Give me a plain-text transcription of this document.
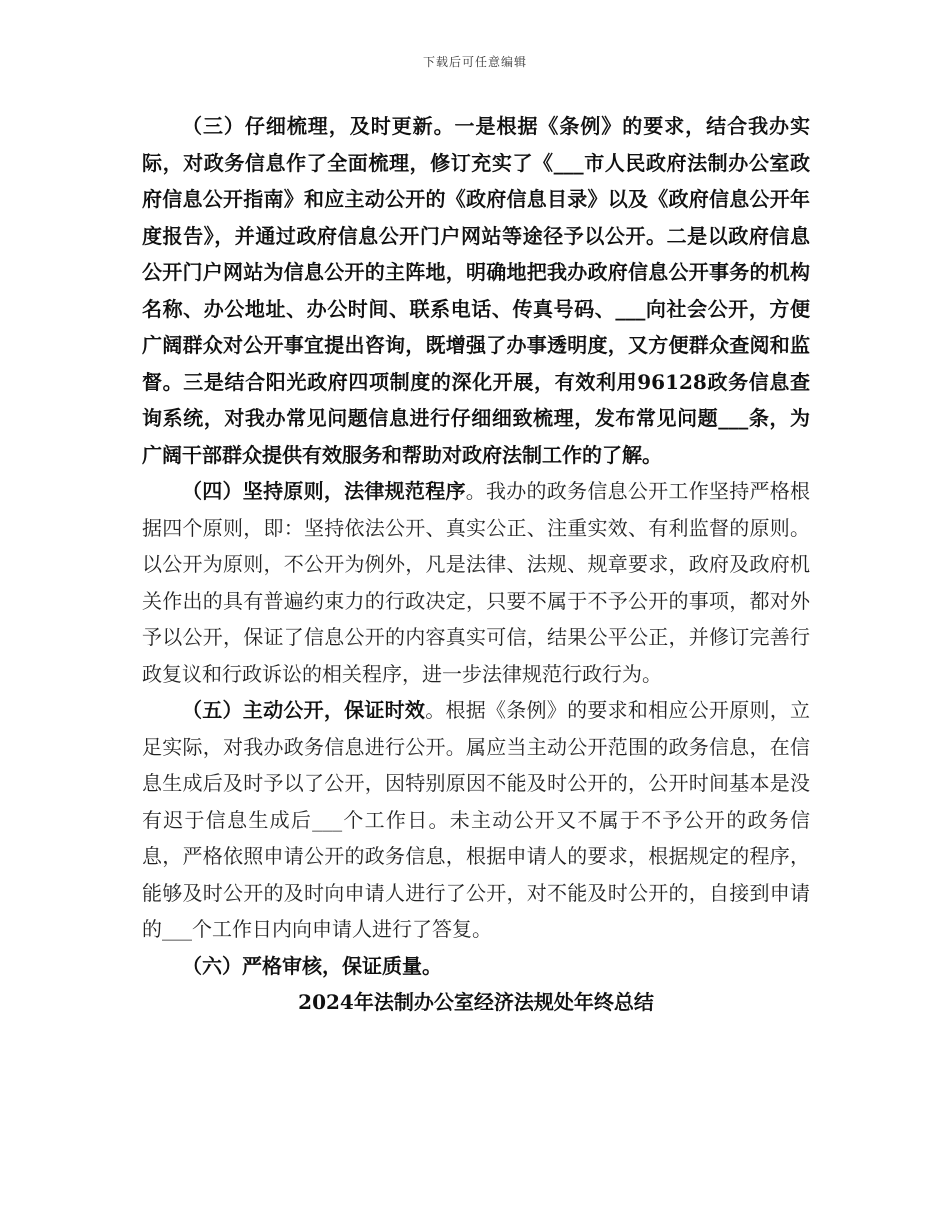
下载后可任意编辑

（三）仔细梳理，及时更新。一是根据《条例》的要求，结合我办实际，对政务信息作了全面梳理，修订充实了《___市人民政府法制办公室政府信息公开指南》和应主动公开的《政府信息目录》以及《政府信息公开年度报告》，并通过政府信息公开门户网站等途径予以公开。二是以政府信息公开门户网站为信息公开的主阵地，明确地把我办政府信息公开事务的机构名称、办公地址、办公时间、联系电话、传真号码、___向社会公开，方便广阔群众对公开事宜提出咨询，既增强了办事透明度，又方便群众查阅和监督。三是结合阳光政府四项制度的深化开展，有效利用96128政务信息查询系统，对我办常见问题信息进行仔细细致梳理，发布常见问题___条，为广阔干部群众提供有效服务和帮助对政府法制工作的了解。

（四）坚持原则，法律规范程序。我办的政务信息公开工作坚持严格根据四个原则，即：坚持依法公开、真实公正、注重实效、有利监督的原则。以公开为原则，不公开为例外，凡是法律、法规、规章要求，政府及政府机关作出的具有普遍约束力的行政决定，只要不属于不予公开的事项，都对外予以公开，保证了信息公开的内容真实可信，结果公平公正，并修订完善行政复议和行政诉讼的相关程序，进一步法律规范行政行为。

（五）主动公开，保证时效。根据《条例》的要求和相应公开原则，立足实际，对我办政务信息进行公开。属应当主动公开范围的政务信息，在信息生成后及时予以了公开，因特别原因不能及时公开的，公开时间基本是没有迟于信息生成后___个工作日。未主动公开又不属于不予公开的政务信息，严格依照申请公开的政务信息，根据申请人的要求，根据规定的程序，能够及时公开的及时向申请人进行了公开，对不能及时公开的，自接到申请的___个工作日内向申请人进行了答复。

（六）严格审核，保证质量。

2024年法制办公室经济法规处年终总结
